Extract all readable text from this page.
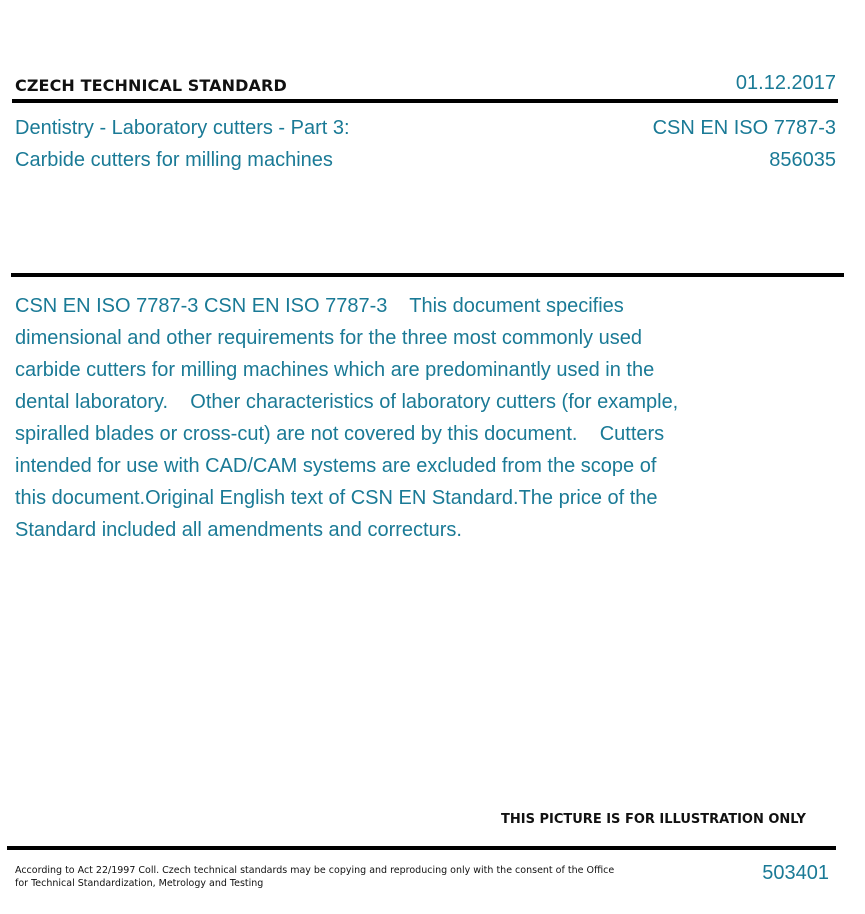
CZECH TECHNICAL STANDARD	01.12.2017
Dentistry - Laboratory cutters - Part 3:
Carbide cutters for milling machines
CSN EN ISO 7787-3
856035

CSN EN ISO 7787-3 CSN EN ISO 7787-3    This document specifies dimensional and other requirements for the three most commonly used carbide cutters for milling machines which are predominantly used in the dental laboratory.    Other characteristics of laboratory cutters (for example, spiralled blades or cross-cut) are not covered by this document.    Cutters intended for use with CAD/CAM systems are excluded from the scope of this document.Original English text of CSN EN Standard.The price of the Standard included all amendments and correcturs.

THIS PICTURE IS FOR ILLUSTRATION ONLY
According to Act 22/1997 Coll. Czech technical standards may be copying and reproducing only with the consent of the Office
for Technical Standardization, Metrology and Testing	503401
